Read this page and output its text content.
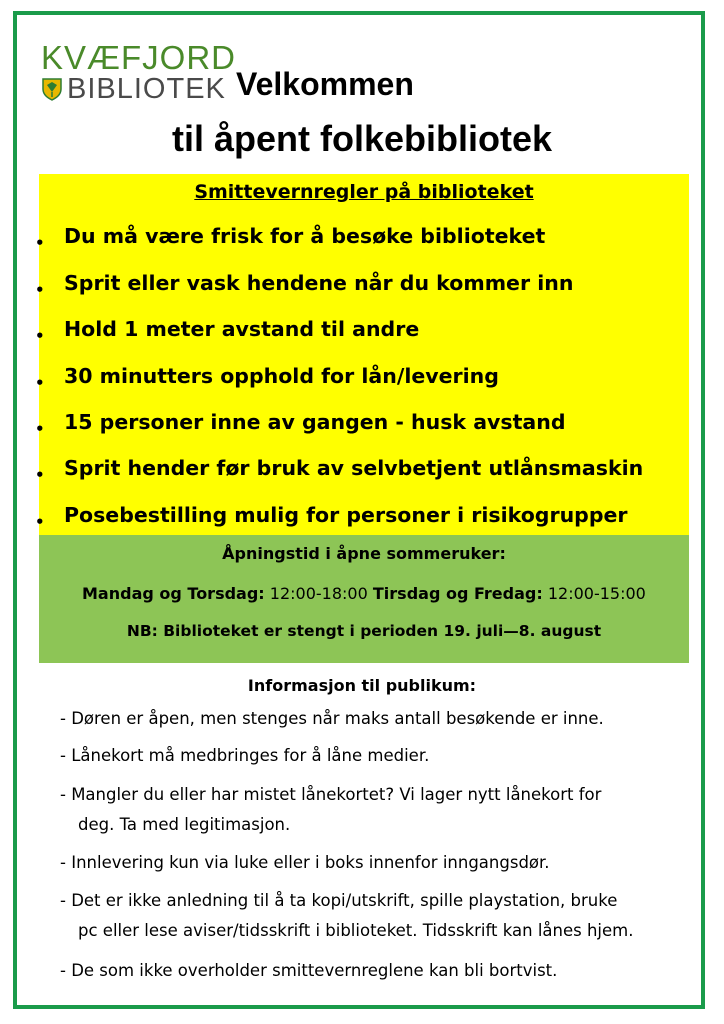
KVÆFJORD
BIBLIOTEK Velkommen
til åpent folkebibliotek
Smittevernregler på biblioteket
• Du må være frisk for å besøke biblioteket
• Sprit eller vask hendene når du kommer inn
• Hold 1 meter avstand til andre
• 30 minutters opphold for lån/levering
• 15 personer inne av gangen - husk avstand
• Sprit hender før bruk av selvbetjent utlånsmaskin
• Posebestilling mulig for personer i risikogrupper
Åpningstid i åpne sommeruker:
Mandag og Torsdag: 12:00-18:00 Tirsdag og Fredag: 12:00-15:00
NB: Biblioteket er stengt i perioden 19. juli—8. august
Informasjon til publikum:
- Døren er åpen, men stenges når maks antall besøkende er inne.
- Lånekort må medbringes for å låne medier.
- Mangler du eller har mistet lånekortet? Vi lager nytt lånekort for
deg. Ta med legitimasjon.
- Innlevering kun via luke eller i boks innenfor inngangsdør.
- Det er ikke anledning til å ta kopi/utskrift, spille playstation, bruke
pc eller lese aviser/tidsskrift i biblioteket. Tidsskrift kan lånes hjem.
- De som ikke overholder smittevernreglene kan bli bortvist.
